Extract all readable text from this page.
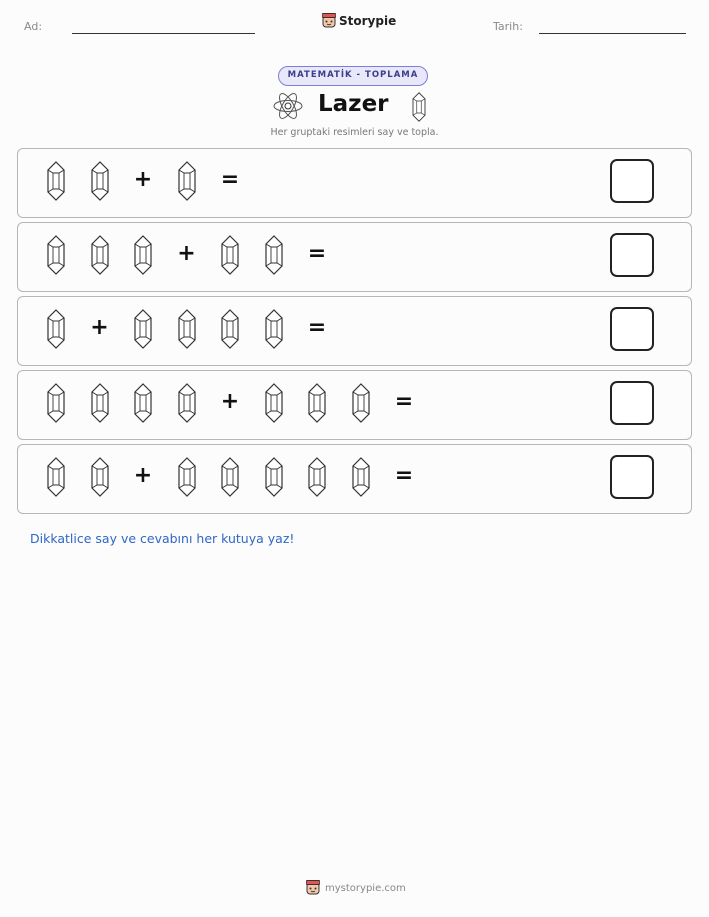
Ad:	Storypie	Tarih:
MATEMATİK - TOPLAMA
Lazer
Her gruptaki resimleri say ve topla.
+	=
+	=
+	=
+	=
+	=
Dikkatlice say ve cevabını her kutuya yaz!
mystorypie.com
